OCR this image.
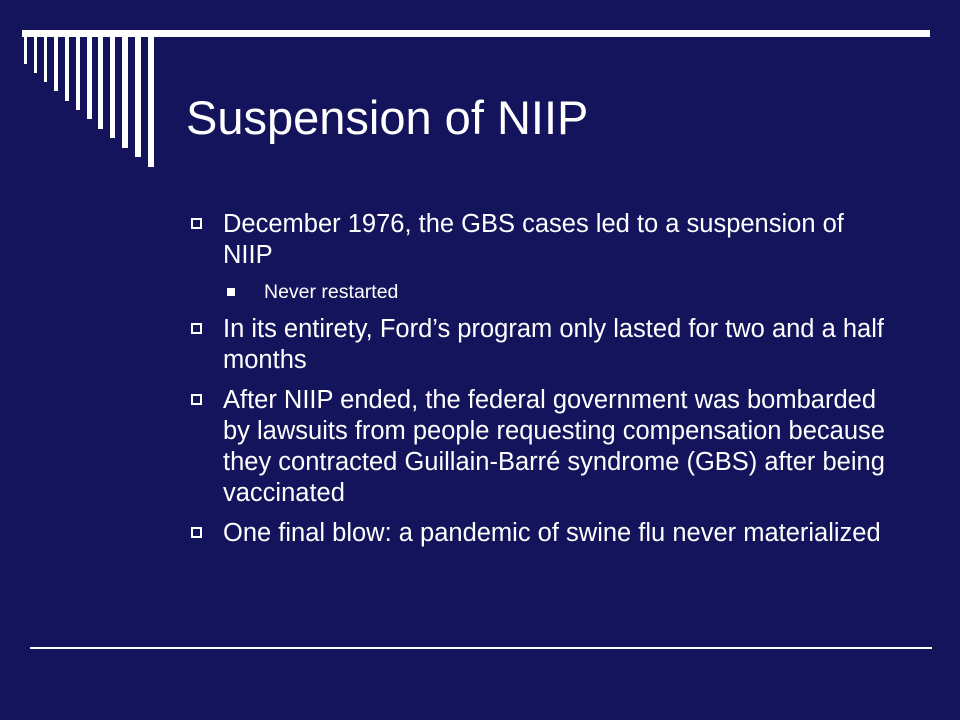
Suspension of NIIP
December 1976, the GBS cases led to a suspension of NIIP
Never restarted
In its entirety, Ford’s program only lasted for two and a half months
After NIIP ended, the federal government was bombarded by lawsuits from people requesting compensation because they contracted Guillain-Barré syndrome (GBS) after being vaccinated
One final blow: a pandemic of swine flu never materialized
